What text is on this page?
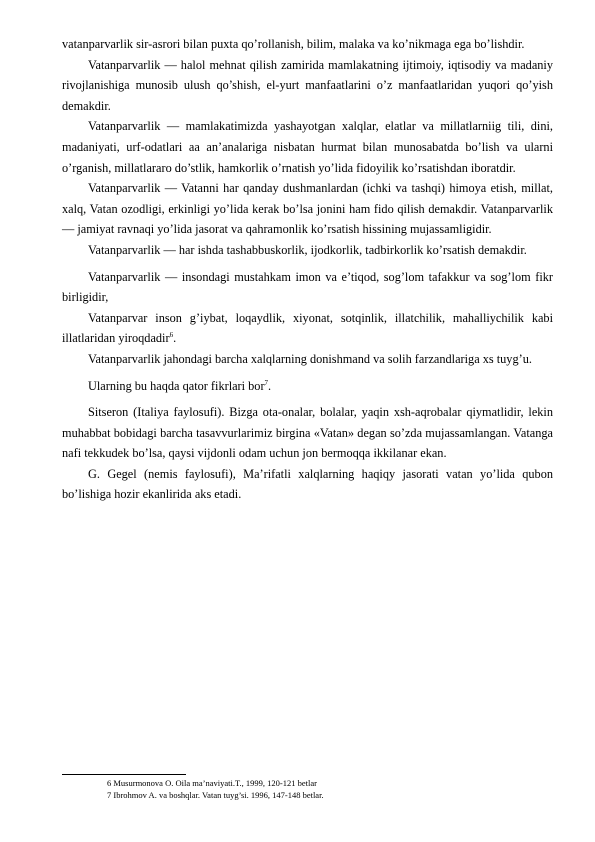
vatanparvarlik sir-asrori bilan puxta qo’rollanish, bilim, malaka va ko’nikmaga ega bo’lishdir.

Vatanparvarlik — halol mehnat qilish zamirida mamlakatning ijtimoiy, iqtisodiy va madaniy rivojlanishiga munosib ulush qo’shish, el-yurt manfaatlarini o’z manfaatlaridan yuqori qo’yish demakdir.

Vatanparvarlik — mamlakatimizda yashayotgan xalqlar, elatlar va millatlarniig tili, dini, madaniyati, urf-odatlari aa an’analariga nisbatan hurmat bilan munosabatda bo’lish va ularni o’rganish, millatlararo do’stlik, hamkorlik o’rnatish yo’lida fidoyilik ko’rsatishdan iboratdir.

Vatanparvarlik — Vatanni har qanday dushmanlardan (ichki va tashqi) himoya etish, millat, xalq, Vatan ozodligi, erkinligi yo’lida kerak bo’lsa jonini ham fido qilish demakdir. Vatanparvarlik — jamiyat ravnaqi yo’lida jasorat va qahramonlik ko’rsatish hissining mujassamligidir.

Vatanparvarlik — har ishda tashabbuskorlik, ijodkorlik, tadbirkorlik ko’rsatish demakdir.

Vatanparvarlik — insondagi mustahkam imon va e’tiqod, sog’lom tafakkur va sog’lom fikr birligidir,

Vatanparvar inson g’iybat, loqaydlik, xiyonat, sotqinlik, illatchilik, mahalliychilik kabi illatlaridan yiroqdadir$^6$.

Vatanparvarlik jahondagi barcha xalqlarning donishmand va solih farzandlariga xs tuyg’u.

Ularning bu haqda qator fikrlari bor$^7$.

Sitseron (Italiya faylosufi). Bizga ota-onalar, bolalar, yaqin xsh-aqrobalar qiymatlidir, lekin muhabbat bobidagi barcha tasavvurlarimiz birgina «Vatan» degan so’zda mujassamlangan. Vatanga nafi tekkudek bo’lsa, qaysi vijdonli odam uchun jon bermoqqa ikkilanar ekan.

G. Gegel (nemis faylosufi), Ma’rifatli xalqlarning haqiqy jasorati vatan yo’lida qubon bo’lishiga hozir ekanlirida aks etadi.

6 Musurmonova O. Oila ma’naviyati.T., 1999, 120-121 betlar
7 Ibrohmov A. va boshqlar. Vatan tuyg’si. 1996, 147-148 betlar.
